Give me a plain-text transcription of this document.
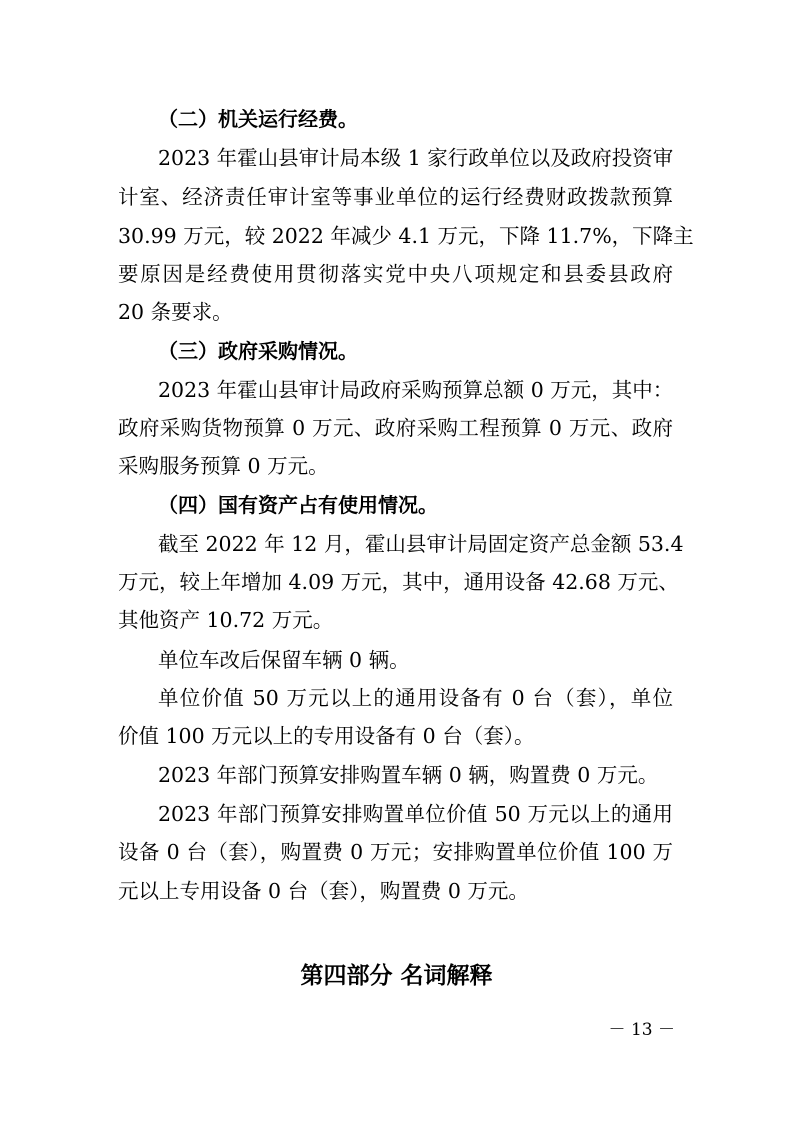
（二）机关运行经费。
2023 年霍山县审计局本级 1 家行政单位以及政府投资审
计室、经济责任审计室等事业单位的运行经费财政拨款预算
30.99 万元，较 2022 年减少 4.1 万元，下降 11.7%，下降主
要原因是经费使用贯彻落实党中央八项规定和县委县政府
20 条要求。
（三）政府采购情况。
2023 年霍山县审计局政府采购预算总额 0 万元，其中：
政府采购货物预算 0 万元、政府采购工程预算 0 万元、政府
采购服务预算 0 万元。
（四）国有资产占有使用情况。
截至 2022 年 12 月，霍山县审计局固定资产总金额 53.4
万元，较上年增加 4.09 万元，其中，通用设备 42.68 万元、
其他资产 10.72 万元。
单位车改后保留车辆 0 辆。
单位价值 50 万元以上的通用设备有 0 台（套），单位
价值 100 万元以上的专用设备有 0 台（套）。
2023 年部门预算安排购置车辆 0 辆，购置费 0 万元。
2023 年部门预算安排购置单位价值 50 万元以上的通用
设备 0 台（套），购置费 0 万元；安排购置单位价值 100 万
元以上专用设备 0 台（套），购置费 0 万元。
第四部分 名词解释
－ 13 －
